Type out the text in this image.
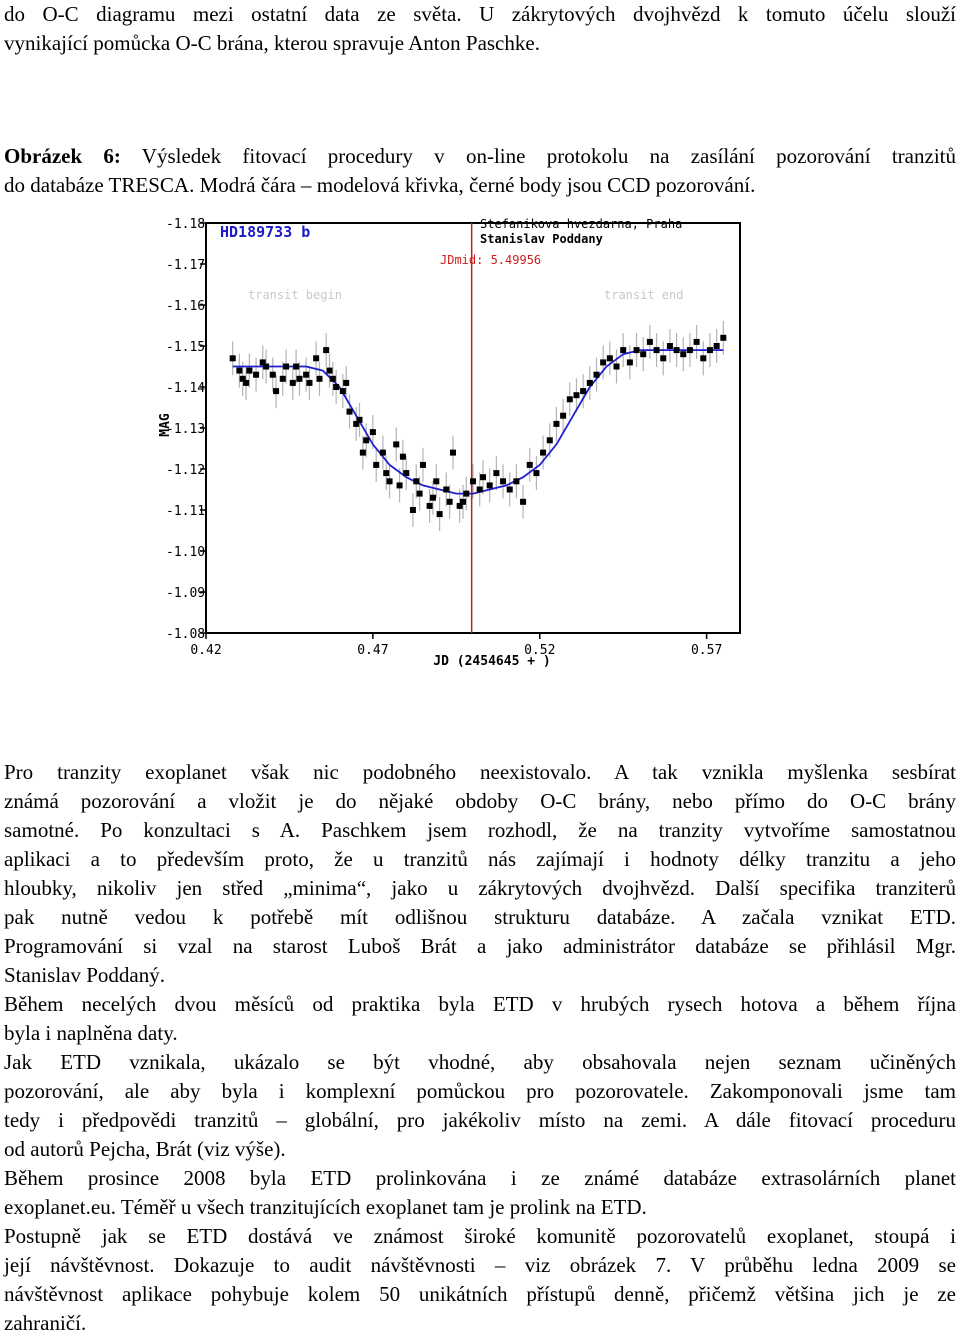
do O-C diagramu mezi ostatní data ze světa. U zákrytových dvojhvězd k tomuto účelu slouží
vynikající pomůcka O-C brána, kterou spravuje Anton Paschke.
Obrázek 6: Výsledek fitovací procedury v on-line protokolu na zasílání pozorování tranzitů
do databáze TRESCA. Modrá čára – modelová křivka, černé body jsou CCD pozorování.
-1.18
-1.17
-1.16
-1.15
-1.14
-1.13
-1.12
-1.11
-1.10
-1.09
-1.08
0.42	0.47	0.52	0.57
HD189733 b	Stefanikova hvezdarna, Praha
Stanislav Poddany
JDmid: 5.49956
transit begin	transit end
JD (2454645 + )
MAG
Pro tranzity exoplanet však nic podobného neexistovalo. A tak vznikla myšlenka sesbírat
známá pozorování a vložit je do nějaké obdoby O-C brány, nebo přímo do O-C brány
samotné. Po konzultaci s A. Paschkem jsem rozhodl, že na tranzity vytvoříme samostatnou
aplikaci a to především proto, že u tranzitů nás zajímají i hodnoty délky tranzitu a jeho
hloubky, nikoliv jen střed „minima“, jako u zákrytových dvojhvězd. Další specifika tranziterů
pak nutně vedou k potřebě mít odlišnou strukturu databáze. A začala vznikat ETD.
Programování si vzal na starost Luboš Brát a jako administrátor databáze se přihlásil Mgr.
Stanislav Poddaný.
Během necelých dvou měsíců od praktika byla ETD v hrubých rysech hotova a během října
byla i naplněna daty.
Jak ETD vznikala, ukázalo se být vhodné, aby obsahovala nejen seznam učiněných
pozorování, ale aby byla i komplexní pomůckou pro pozorovatele. Zakomponovali jsme tam
tedy i předpovědi tranzitů – globální, pro jakékoliv místo na zemi. A dále fitovací proceduru
od autorů Pejcha, Brát (viz výše).
Během prosince 2008 byla ETD prolinkována i ze známé databáze extrasolárních planet
exoplanet.eu. Téměř u všech tranzitujících exoplanet tam je prolink na ETD.
Postupně jak se ETD dostává ve známost široké komunitě pozorovatelů exoplanet, stoupá i
její návštěvnost. Dokazuje to audit návštěvnosti – viz obrázek 7. V průběhu ledna 2009 se
návštěvnost aplikace pohybuje kolem 50 unikátních přístupů denně, přičemž většina jich je ze
zahraničí.
